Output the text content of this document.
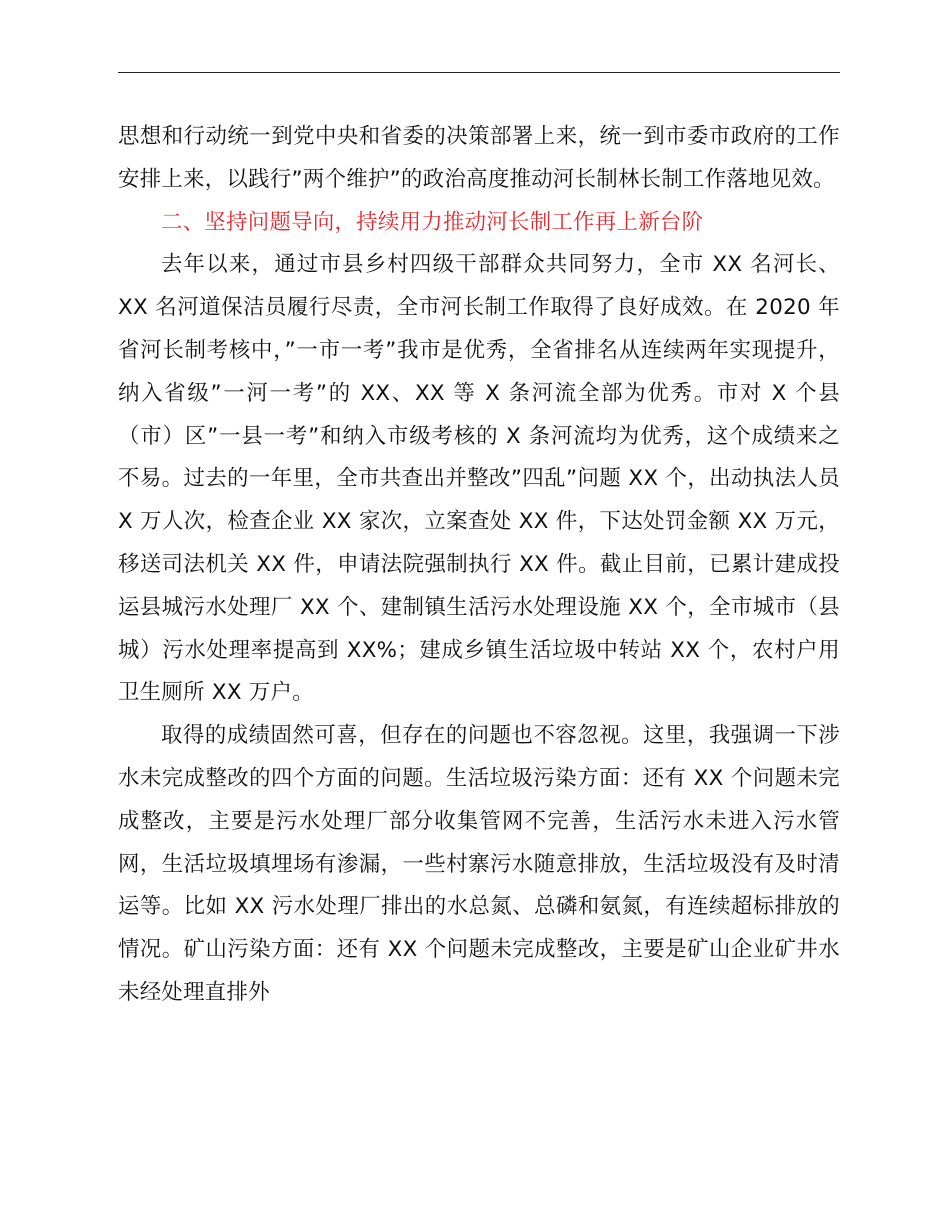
思想和行动统一到党中央和省委的决策部署上来，统一到市委市政府的工作安排上来，以践行”两个维护”的政治高度推动河长制林长制工作落地见效。

二、坚持问题导向，持续用力推动河长制工作再上新台阶

去年以来，通过市县乡村四级干部群众共同努力，全市 XX 名河长、XX 名河道保洁员履行尽责，全市河长制工作取得了良好成效。在 2020 年省河长制考核中，”一市一考”我市是优秀，全省排名从连续两年实现提升，纳入省级”一河一考”的 XX、XX 等 X 条河流全部为优秀。市对 X 个县（市）区”一县一考”和纳入市级考核的 X 条河流均为优秀，这个成绩来之不易。过去的一年里，全市共查出并整改”四乱”问题 XX 个，出动执法人员 X 万人次，检查企业 XX 家次，立案查处 XX 件，下达处罚金额 XX 万元，移送司法机关 XX 件，申请法院强制执行 XX 件。截止目前，已累计建成投运县城污水处理厂 XX 个、建制镇生活污水处理设施 XX 个，全市城市（县城）污水处理率提高到 XX%；建成乡镇生活垃圾中转站 XX 个，农村户用卫生厕所 XX 万户。

取得的成绩固然可喜，但存在的问题也不容忽视。这里，我强调一下涉水未完成整改的四个方面的问题。生活垃圾污染方面：还有 XX 个问题未完成整改，主要是污水处理厂部分收集管网不完善，生活污水未进入污水管网，生活垃圾填埋场有渗漏，一些村寨污水随意排放，生活垃圾没有及时清运等。比如 XX 污水处理厂排出的水总氮、总磷和氨氮，有连续超标排放的情况。矿山污染方面：还有 XX 个问题未完成整改，主要是矿山企业矿井水未经处理直排外
